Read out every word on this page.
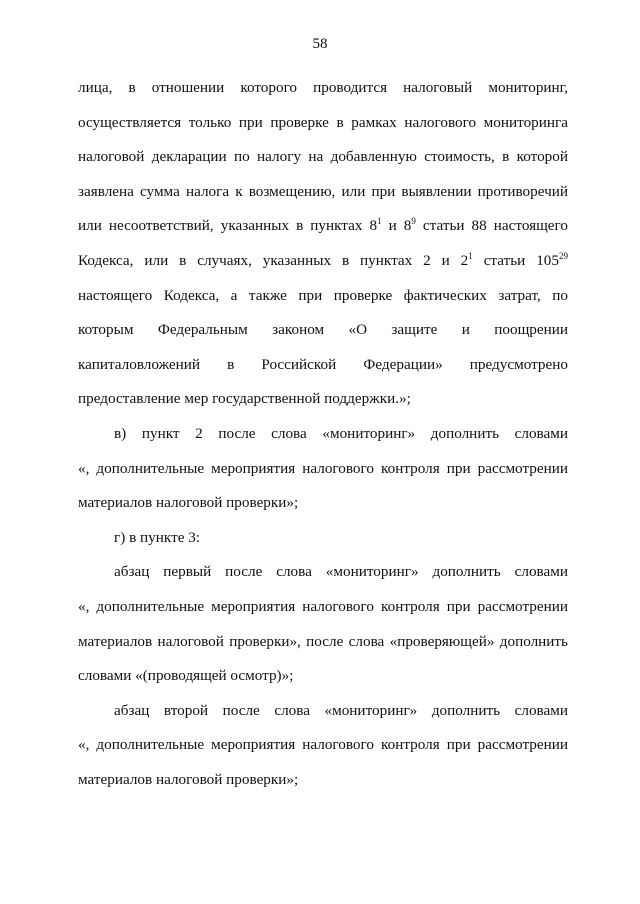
58
лица, в отношении которого проводится налоговый мониторинг,
осуществляется только при проверке в рамках налогового мониторинга
налоговой декларации по налогу на добавленную стоимость, в которой
заявлена сумма налога к возмещению, или при выявлении противоречий
или несоответствий, указанных в пунктах $8^1$ и $8^9$ статьи 88 настоящего
Кодекса, или в случаях, указанных в пунктах 2 и $2^1$ статьи $105^{29}$
настоящего Кодекса, а также при проверке фактических затрат, по
которым Федеральным законом «О защите и поощрении
капиталовложений в Российской Федерации» предусмотрено
предоставление мер государственной поддержки.»;
в) пункт 2 после слова «мониторинг» дополнить словами
«, дополнительные мероприятия налогового контроля при рассмотрении
материалов налоговой проверки»;
г) в пункте 3:
абзац первый после слова «мониторинг» дополнить словами
«, дополнительные мероприятия налогового контроля при рассмотрении
материалов налоговой проверки», после слова «проверяющей» дополнить
словами «(проводящей осмотр)»;
абзац второй после слова «мониторинг» дополнить словами
«, дополнительные мероприятия налогового контроля при рассмотрении
материалов налоговой проверки»;
